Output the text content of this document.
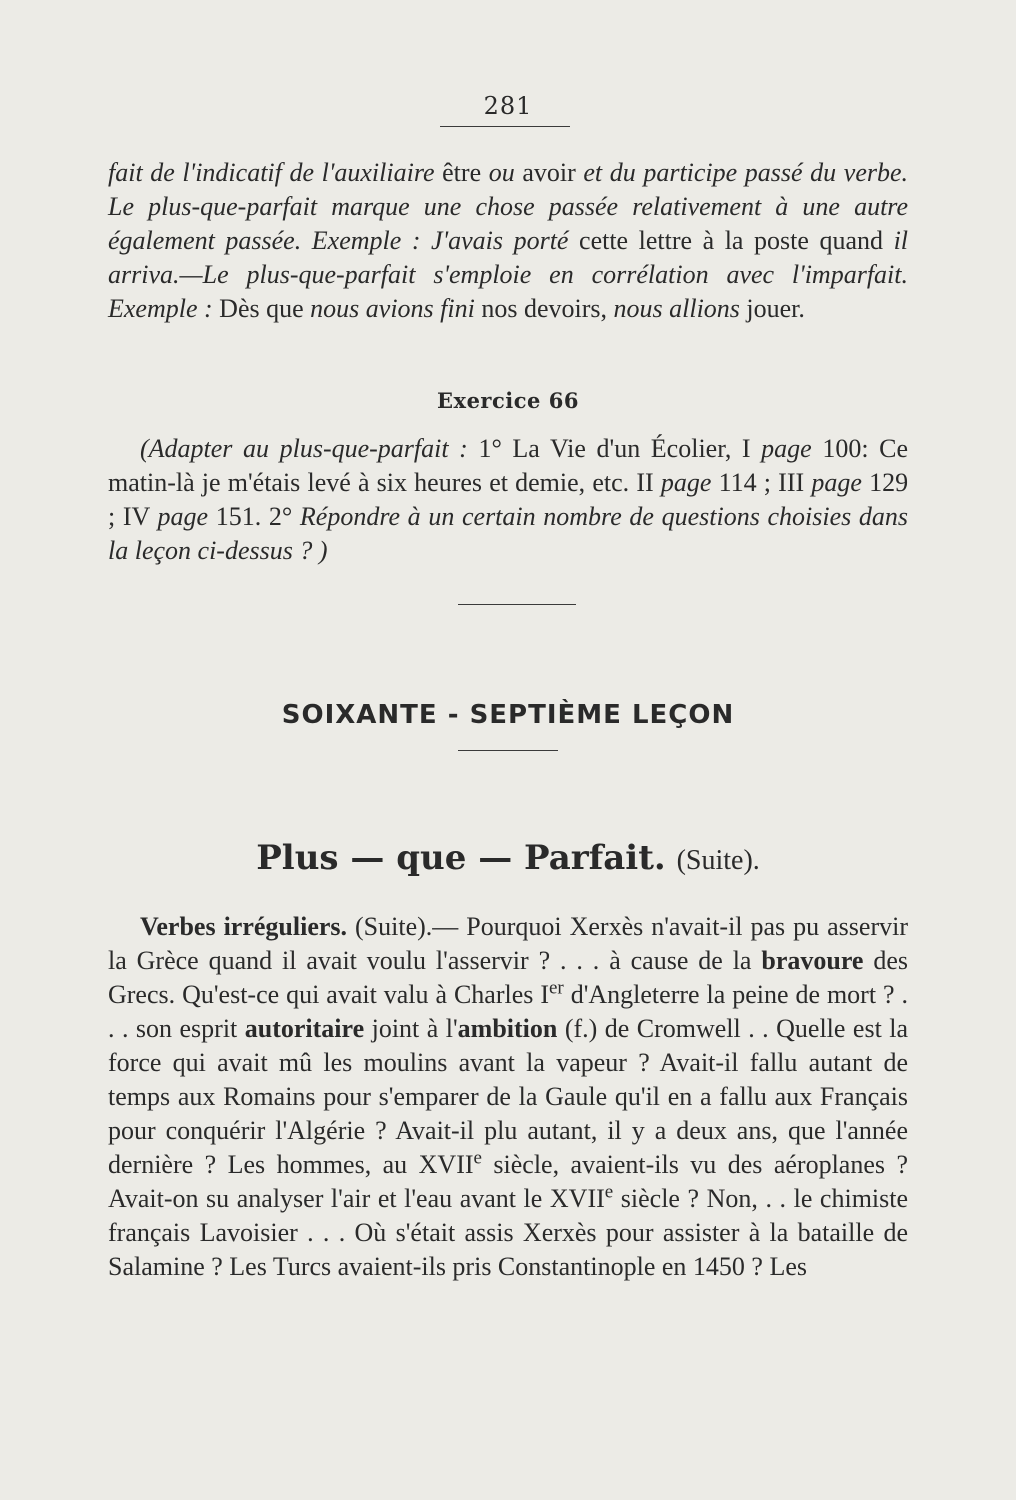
281
fait de l'indicatif de l'auxiliaire être ou avoir et du participe passé du verbe. Le plus-que-parfait marque une chose passée relativement à une autre également passée. Exemple : J'avais porté cette lettre à la poste quand il arriva.—Le plus-que-parfait s'emploie en corrélation avec l'imparfait. Exemple : Dès que nous avions fini nos devoirs, nous allions jouer.
Exercice 66
(Adapter au plus-que-parfait : 1° La Vie d'un Écolier, I page 100: Ce matin-là je m'étais levé à six heures et demie, etc. II page 114 ; III page 129 ; IV page 151. 2° Répondre à un certain nombre de questions choisies dans la leçon ci-dessus ? )
SOIXANTE - SEPTIÈME LEÇON
Plus — que — Parfait. (Suite).
Verbes irréguliers. (Suite).— Pourquoi Xerxès n'avait-il pas pu asservir la Grèce quand il avait voulu l'asservir ? . . . à cause de la bravoure des Grecs. Qu'est-ce qui avait valu à Charles Ier d'Angleterre la peine de mort ? . . . son esprit autoritaire joint à l'ambition (f.) de Cromwell . . Quelle est la force qui avait mû les moulins avant la vapeur ? Avait-il fallu autant de temps aux Romains pour s'emparer de la Gaule qu'il en a fallu aux Français pour conquérir l'Algérie ? Avait-il plu autant, il y a deux ans, que l'année dernière ? Les hommes, au XVIIe siècle, avaient-ils vu des aéroplanes ? Avait-on su analyser l'air et l'eau avant le XVIIe siècle ? Non, . . le chimiste français Lavoisier . . . Où s'était assis Xerxès pour assister à la bataille de Salamine ? Les Turcs avaient-ils pris Constantinople en 1450 ? Les
